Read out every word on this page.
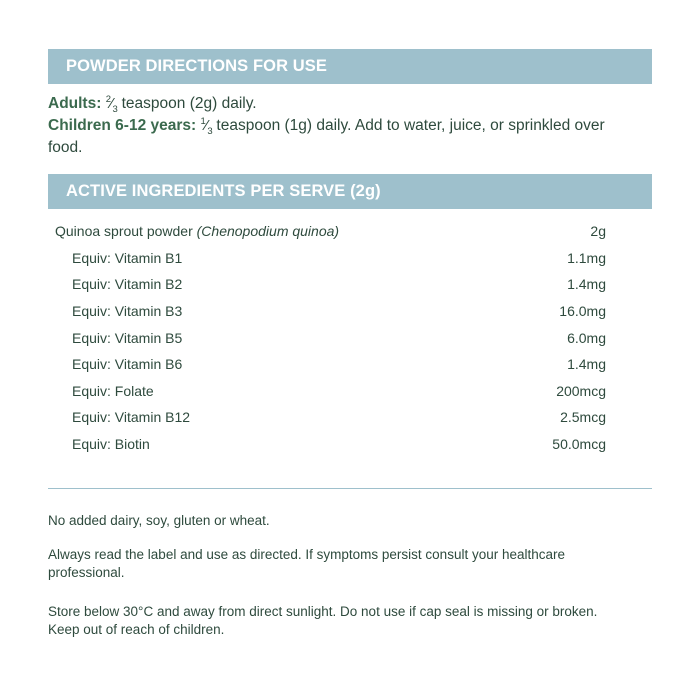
POWDER DIRECTIONS FOR USE
Adults: $^2⁄_3$ teaspoon (2g) daily.
Children 6-12 years: $^1⁄_3$ teaspoon (1g) daily. Add to water, juice, or sprinkled over food.
ACTIVE INGREDIENTS PER SERVE (2g)
Quinoa sprout powder (Chenopodium quinoa)	2g
Equiv: Vitamin B1	1.1mg
Equiv: Vitamin B2	1.4mg
Equiv: Vitamin B3	16.0mg
Equiv: Vitamin B5	6.0mg
Equiv: Vitamin B6	1.4mg
Equiv: Folate	200mcg
Equiv: Vitamin B12	2.5mcg
Equiv: Biotin	50.0mcg

No added dairy, soy, gluten or wheat.

Always read the label and use as directed. If symptoms persist consult your healthcare professional.

Store below 30°C and away from direct sunlight. Do not use if cap seal is missing or broken. Keep out of reach of children.
